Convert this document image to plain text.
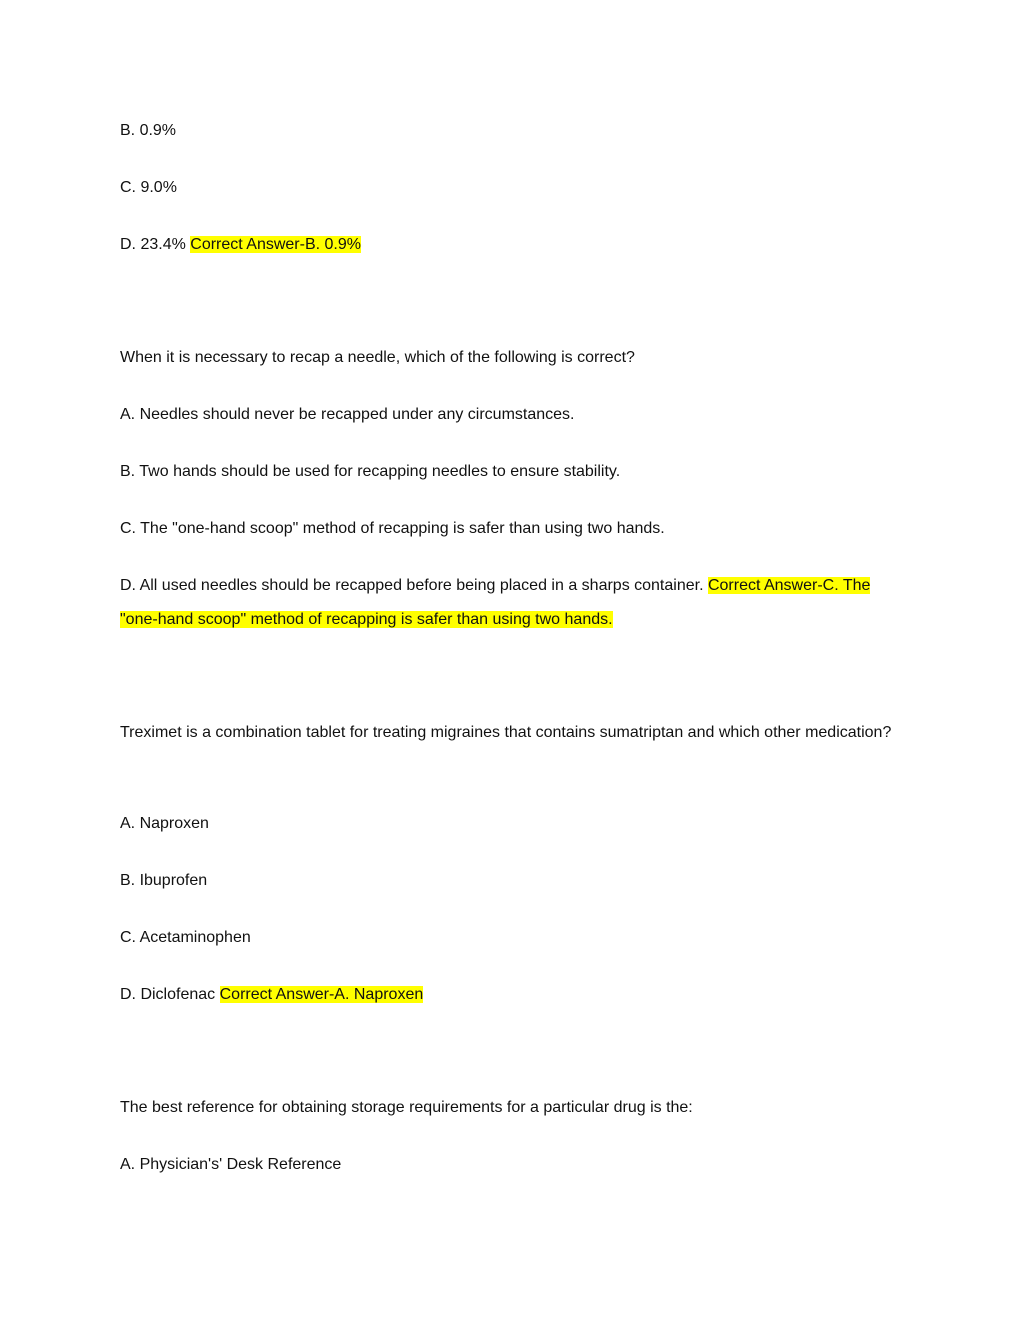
B. 0.9%
C. 9.0%
D. 23.4% Correct Answer-B. 0.9%
When it is necessary to recap a needle, which of the following is correct?
A. Needles should never be recapped under any circumstances.
B. Two hands should be used for recapping needles to ensure stability.
C. The "one-hand scoop" method of recapping is safer than using two hands.
D. All used needles should be recapped before being placed in a sharps container. Correct Answer-C. The "one-hand scoop" method of recapping is safer than using two hands.
Treximet is a combination tablet for treating migraines that contains sumatriptan and which other medication?
A. Naproxen
B. Ibuprofen
C. Acetaminophen
D. Diclofenac Correct Answer-A. Naproxen
The best reference for obtaining storage requirements for a particular drug is the:
A. Physician's' Desk Reference
